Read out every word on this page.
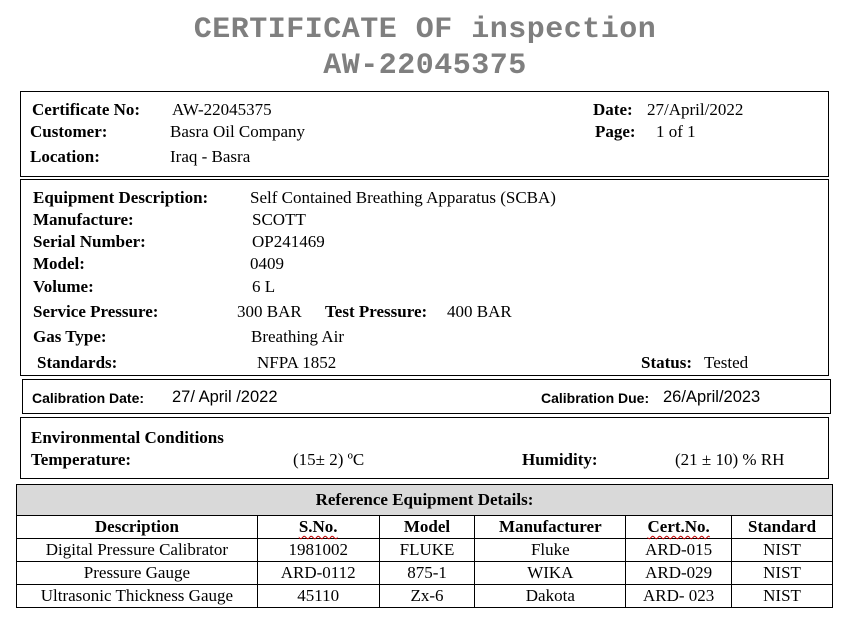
CERTIFICATE OF inspection
AW-22045375
Certificate No: AW-22045375	Date: 27/April/2022
Customer:	Basra Oil Company	Page: 1 of 1
Location:	Iraq - Basra
Equipment Description: Self Contained Breathing Apparatus (SCBA)
Manufacture:	SCOTT
Serial Number:	OP241469
Model:	0409
Volume:	6 L
Service Pressure:	300 BAR Test Pressure: 400 BAR
Gas Type:	Breathing Air
Standards:	NFPA 1852	Status: Tested
Calibration Date: 27/ April /2022	Calibration Due: 26/April/2023
Environmental Conditions
Temperature:	(15± 2) ºC	Humidity:	(21 ± 10) % RH
Reference Equipment Details:					
Description	S.No.	Model	Manufacturer	Cert.No.	Standard
Digital Pressure Calibrator	1981002	FLUKE	Fluke	ARD-015	NIST
Pressure Gauge	ARD-0112	875-1	WIKA	ARD-029	NIST
Ultrasonic Thickness Gauge	45110	Zx-6	Dakota	ARD- 023	NIST
